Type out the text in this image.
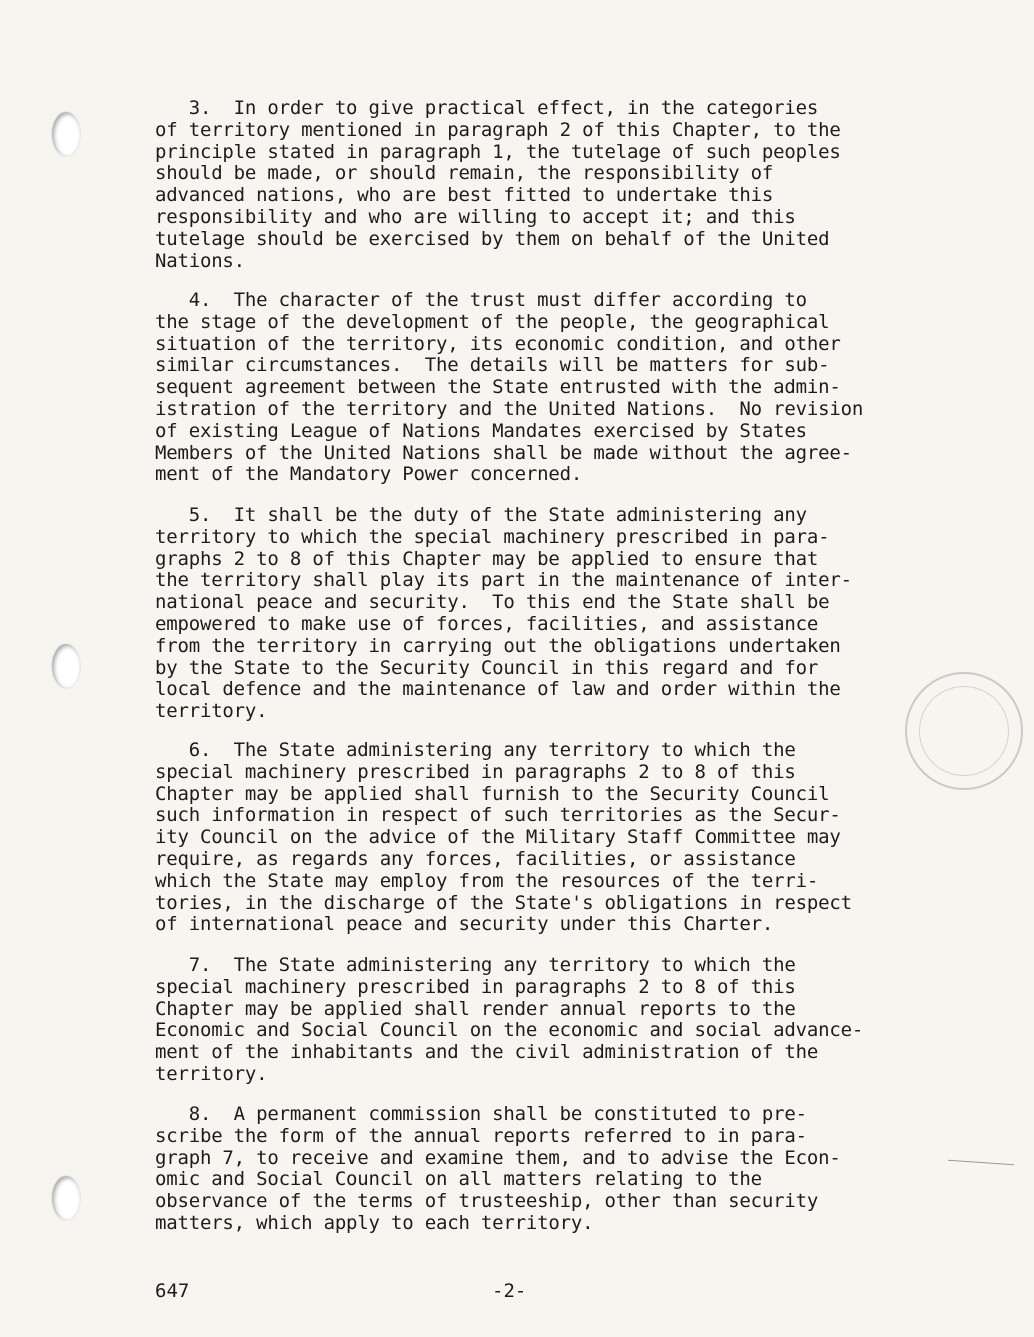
3.  In order to give practical effect, in the categories
of territory mentioned in paragraph 2 of this Chapter, to the
principle stated in paragraph 1, the tutelage of such peoples
should be made, or should remain, the responsibility of
advanced nations, who are best fitted to undertake this
responsibility and who are willing to accept it; and this
tutelage should be exercised by them on behalf of the United
Nations.
4.  The character of the trust must differ according to
the stage of the development of the people, the geographical
situation of the territory, its economic condition, and other
similar circumstances.  The details will be matters for sub-
sequent agreement between the State entrusted with the admin-
istration of the territory and the United Nations.  No revision
of existing League of Nations Mandates exercised by States
Members of the United Nations shall be made without the agree-
ment of the Mandatory Power concerned.
5.  It shall be the duty of the State administering any
territory to which the special machinery prescribed in para-
graphs 2 to 8 of this Chapter may be applied to ensure that
the territory shall play its part in the maintenance of inter-
national peace and security.  To this end the State shall be
empowered to make use of forces, facilities, and assistance
from the territory in carrying out the obligations undertaken
by the State to the Security Council in this regard and for
local defence and the maintenance of law and order within the
territory.
6.  The State administering any territory to which the
special machinery prescribed in paragraphs 2 to 8 of this
Chapter may be applied shall furnish to the Security Council
such information in respect of such territories as the Secur-
ity Council on the advice of the Military Staff Committee may
require, as regards any forces, facilities, or assistance
which the State may employ from the resources of the terri-
tories, in the discharge of the State's obligations in respect
of international peace and security under this Charter.
7.  The State administering any territory to which the
special machinery prescribed in paragraphs 2 to 8 of this
Chapter may be applied shall render annual reports to the
Economic and Social Council on the economic and social advance-
ment of the inhabitants and the civil administration of the
territory.
8.  A permanent commission shall be constituted to pre-
scribe the form of the annual reports referred to in para-
graph 7, to receive and examine them, and to advise the Econ-
omic and Social Council on all matters relating to the
observance of the terms of trusteeship, other than security
matters, which apply to each territory.
647	-2-
